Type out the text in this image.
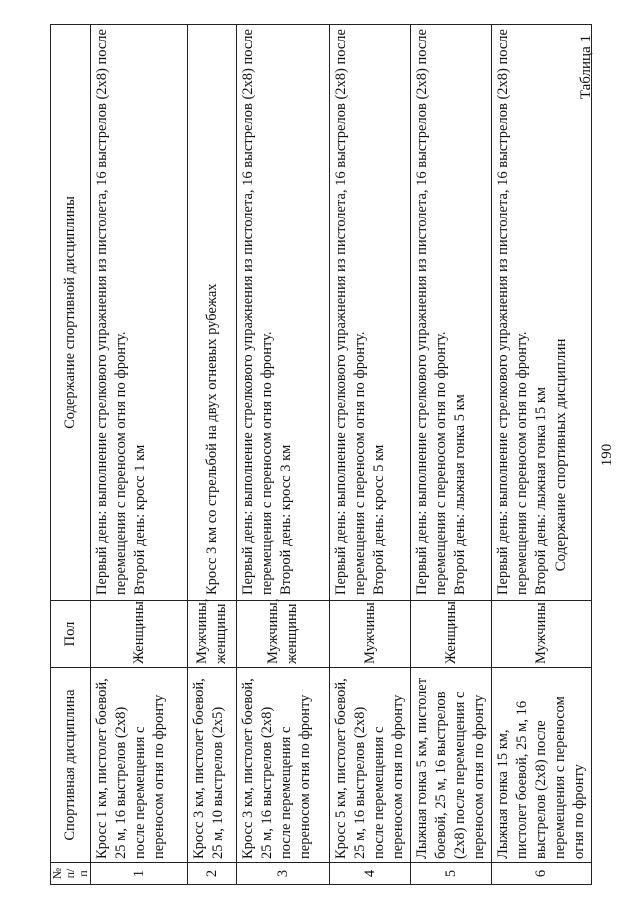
190
Таблица 1
Содержание спортивных дисциплин
№ п/п	Спортивная дисциплина	Пол	Содержание спортивной дисциплины
1	Кросс 1 км, пистолет боевой, 25 м, 16 выстрелов (2х8) после перемещения с переносом огня по фронту	Женщины	Первый день: выполнение стрелкового упражнения из пистолета, 16 выстрелов (2х8) после перемещения с переносом огня по фронту. Второй день: кросс 1 км

2	Кросс 3 км, пистолет боевой, 25 м, 10 выстрелов (2х5)	Мужчины, женщины	Кросс 3 км со стрельбой на двух огневых рубежах

3	Кросс 3 км, пистолет боевой, 25 м, 16 выстрелов (2х8) после перемещения с переносом огня по фронту	Мужчины, женщины	Первый день: выполнение стрелкового упражнения из пистолета, 16 выстрелов (2х8) после перемещения с переносом огня по фронту. Второй день: кросс 3 км

4	Кросс 5 км, пистолет боевой, 25 м, 16 выстрелов (2х8) после перемещения с переносом огня по фронту	Мужчины	Первый день: выполнение стрелкового упражнения из пистолета, 16 выстрелов (2х8) после перемещения с переносом огня по фронту. Второй день: кросс 5 км

5	Лыжная гонка 5 км, пистолет боевой, 25 м, 16 выстрелов (2х8) после перемещения с переносом огня по фронту	Женщины	Первый день: выполнение стрелкового упражнения из пистолета, 16 выстрелов (2х8) после перемещения с переносом огня по фронту. Второй день: лыжная гонка 5 км

6	Лыжная гонка 15 км, пистолет боевой, 25 м, 16 выстрелов (2х8) после перемещения с переносом огня по фронту	Мужчины	Первый день: выполнение стрелкового упражнения из пистолета, 16 выстрелов (2х8) после перемещения с переносом огня по фронту. Второй день: лыжная гонка 15 км
